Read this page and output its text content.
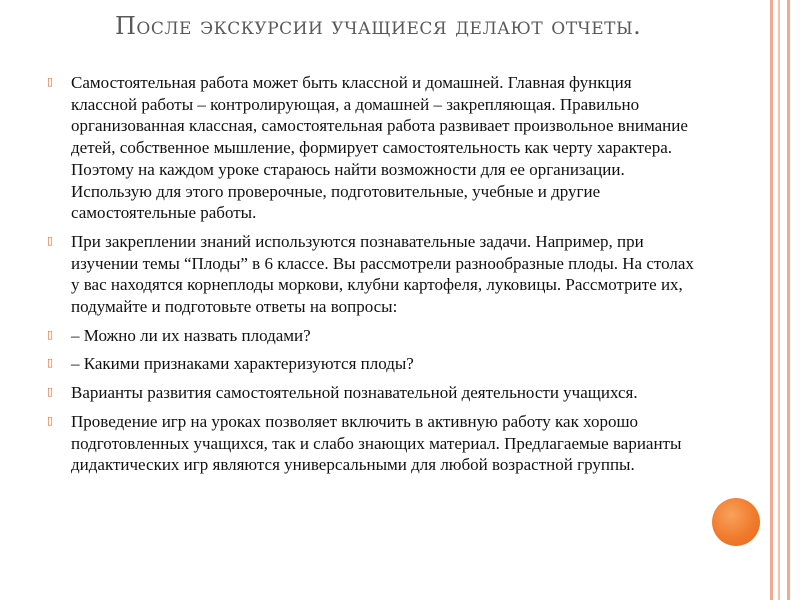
После экскурсии учащиеся делают отчеты.
▯ Самостоятельная работа может быть классной и домашней. Главная функция классной работы – контролирующая, а домашней – закрепляющая. Правильно организованная классная, самостоятельная работа развивает произвольное внимание детей, собственное мышление, формирует самостоятельность как черту характера. Поэтому на каждом уроке стараюсь найти возможности для ее организации. Использую для этого проверочные, подготовительные, учебные и другие самостоятельные работы.
▯ При закреплении знаний используются познавательные задачи. Например, при изучении темы “Плоды” в 6 классе. Вы рассмотрели разнообразные плоды. На столах у вас находятся корнеплоды моркови, клубни картофеля, луковицы. Рассмотрите их, подумайте и подготовьте ответы на вопросы:
▯ – Можно ли их назвать плодами?
▯ – Какими признаками характеризуются плоды?
▯ Варианты развития самостоятельной познавательной деятельности учащихся.
▯ Проведение игр на уроках позволяет включить в активную работу как хорошо подготовленных учащихся, так и слабо знающих материал. Предлагаемые варианты дидактических игр являются универсальными для любой возрастной группы.
